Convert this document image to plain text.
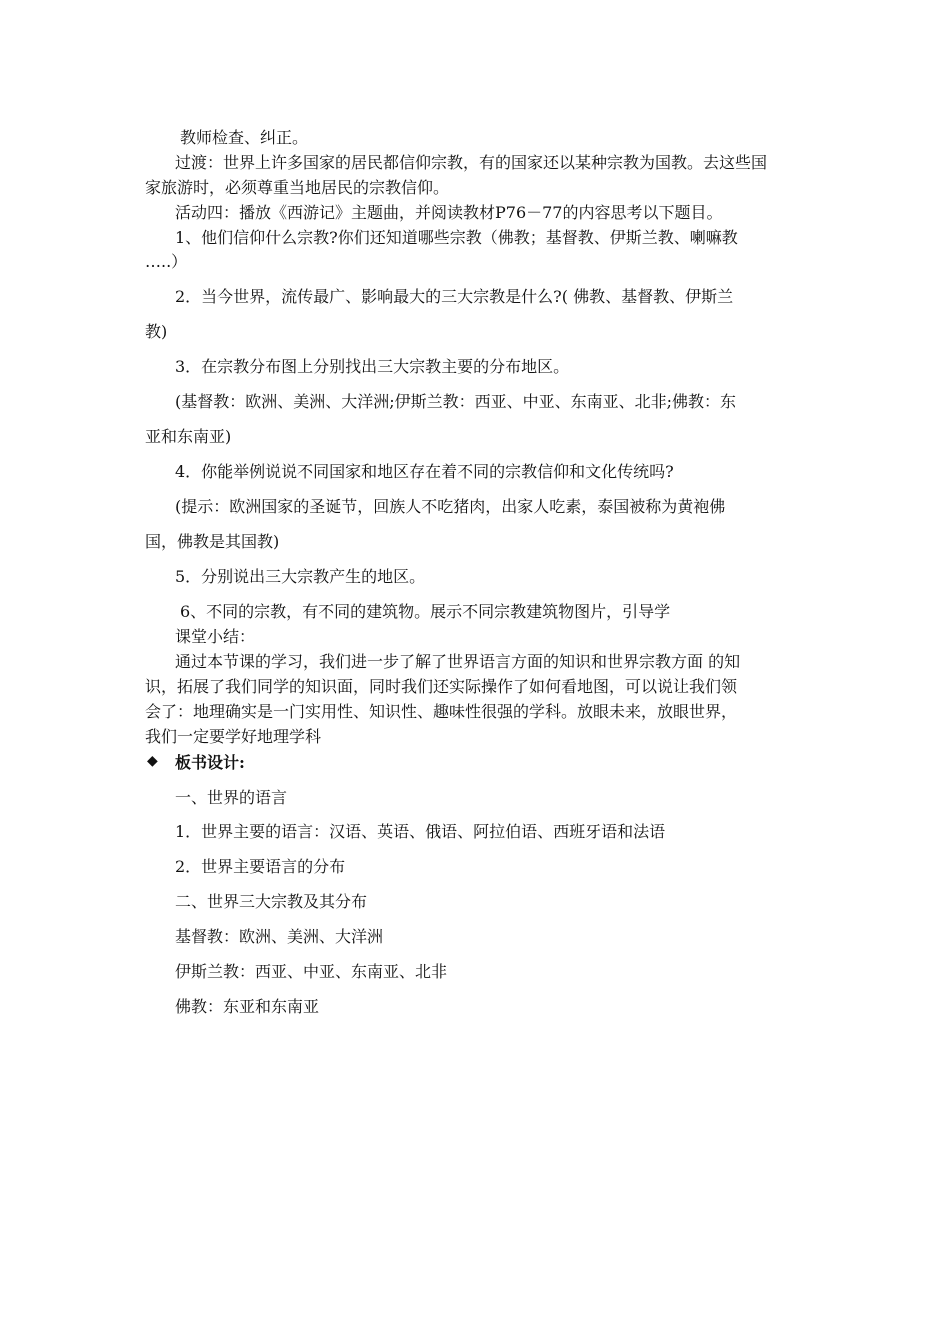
教师检查、纠正。
过渡：世界上许多国家的居民都信仰宗教，有的国家还以某种宗教为国教。去这些国
家旅游时，必须尊重当地居民的宗教信仰。
活动四：播放《西游记》主题曲，并阅读教材P76－77的内容思考以下题目。
1、他们信仰什么宗教?你们还知道哪些宗教（佛教；基督教、伊斯兰教、喇嘛教
…..）
2．当今世界，流传最广、影响最大的三大宗教是什么?( 佛教、基督教、伊斯兰
教)
3．在宗教分布图上分别找出三大宗教主要的分布地区。
(基督教：欧洲、美洲、大洋洲;伊斯兰教：西亚、中亚、东南亚、北非;佛教：东
亚和东南亚)
4．你能举例说说不同国家和地区存在着不同的宗教信仰和文化传统吗?
(提示：欧洲国家的圣诞节，回族人不吃猪肉，出家人吃素，泰国被称为黄袍佛
国，佛教是其国教)
5．分别说出三大宗教产生的地区。
6、不同的宗教，有不同的建筑物。展示不同宗教建筑物图片，引导学
课堂小结：
通过本节课的学习，我们进一步了解了世界语言方面的知识和世界宗教方面 的知
识，拓展了我们同学的知识面，同时我们还实际操作了如何看地图，可以说让我们领
会了：地理确实是一门实用性、知识性、趣味性很强的学科。放眼未来，放眼世界，
我们一定要学好地理学科
◆ 板书设计:
一、世界的语言
1．世界主要的语言：汉语、英语、俄语、阿拉伯语、西班牙语和法语
2．世界主要语言的分布
二、世界三大宗教及其分布
基督教：欧洲、美洲、大洋洲
伊斯兰教：西亚、中亚、东南亚、北非
佛教：东亚和东南亚
